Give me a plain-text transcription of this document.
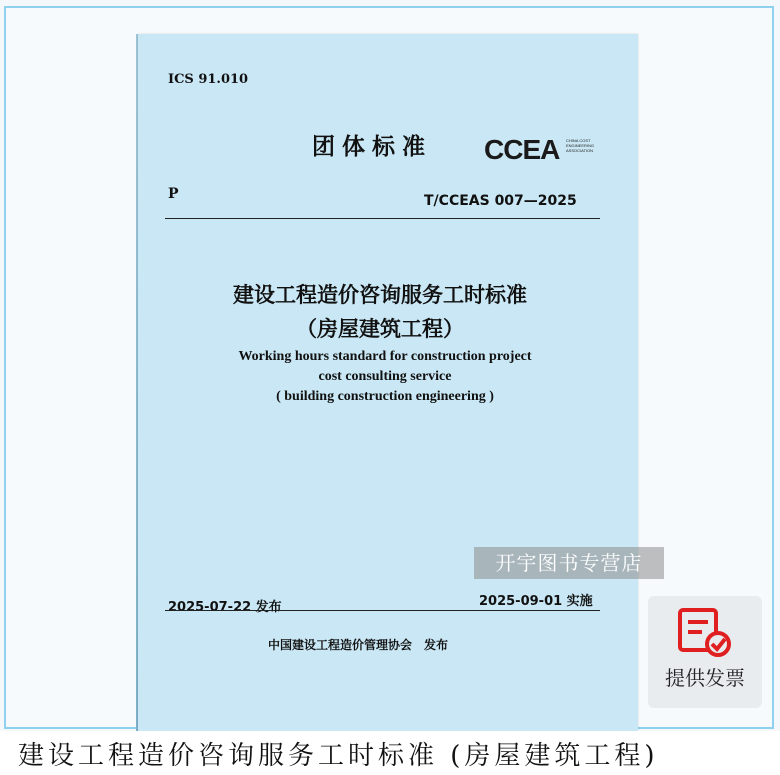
ICS 91.010
团体标准 CCEA CHINA COST ENGINEERING ASSOCIATION
P	T/CCEAS 007—2025
建设工程造价咨询服务工时标准
（房屋建筑工程）
Working hours standard for construction project
cost consulting service
( building construction engineering )
开宇图书专营店
2025-07-22 发布	2025-09-01 实施
中国建设工程造价管理协会　发布
提供发票
建设工程造价咨询服务工时标准 (房屋建筑工程)
